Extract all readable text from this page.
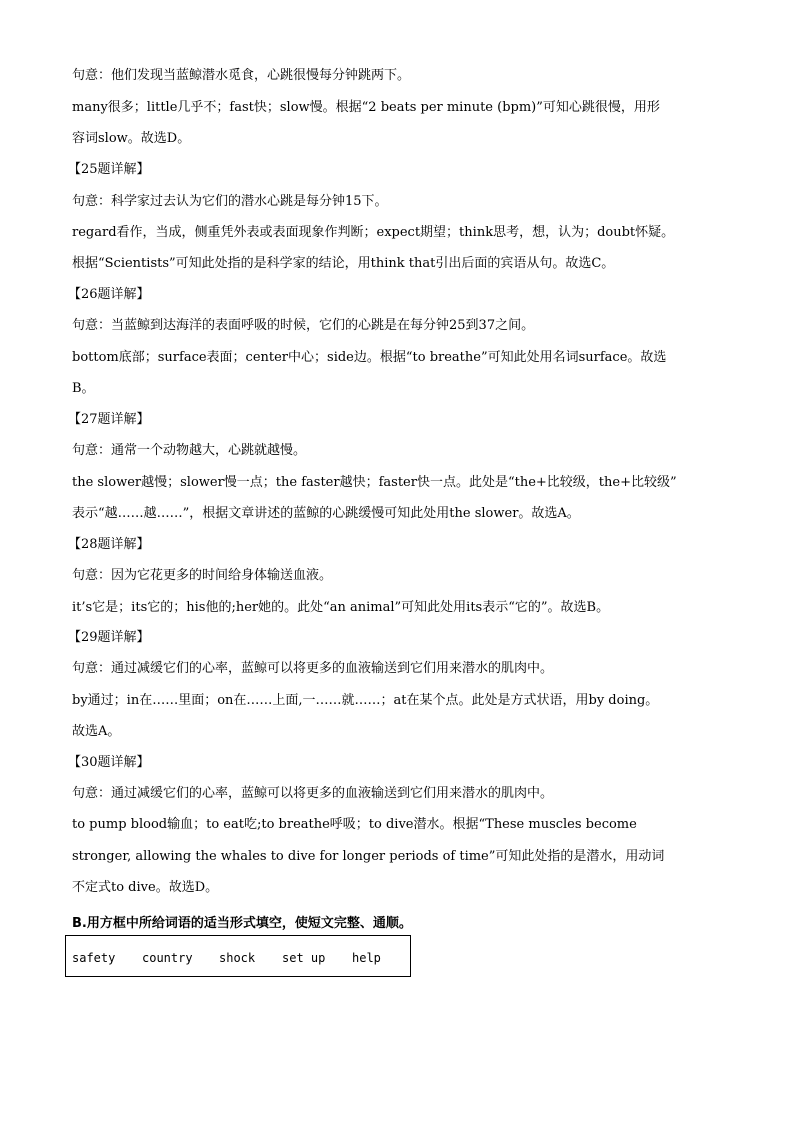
句意：他们发现当蓝鲸潜水觅食，心跳很慢每分钟跳两下。
many很多；little几乎不；fast快；slow慢。根据“2 beats per minute (bpm)”可知心跳很慢，用形
容词slow。故选D。
【25题详解】
句意：科学家过去认为它们的潜水心跳是每分钟15下。
regard看作，当成，侧重凭外表或表面现象作判断；expect期望；think思考，想，认为；doubt怀疑。
根据“Scientists”可知此处指的是科学家的结论，用think that引出后面的宾语从句。故选C。
【26题详解】
句意：当蓝鲸到达海洋的表面呼吸的时候，它们的心跳是在每分钟25到37之间。
bottom底部；surface表面；center中心；side边。根据“to breathe”可知此处用名词surface。故选
B。
【27题详解】
句意：通常一个动物越大，心跳就越慢。
the slower越慢；slower慢一点；the faster越快；faster快一点。此处是“the+比较级，the+比较级”
表示“越……越……”，根据文章讲述的蓝鲸的心跳缓慢可知此处用the slower。故选A。
【28题详解】
句意：因为它花更多的时间给身体输送血液。
it’s它是；its它的；his他的;her她的。此处“an animal”可知此处用its表示“它的”。故选B。
【29题详解】
句意：通过减缓它们的心率，蓝鲸可以将更多的血液输送到它们用来潜水的肌肉中。
by通过；in在……里面；on在……上面,一……就……；at在某个点。此处是方式状语，用by doing。
故选A。
【30题详解】
句意：通过减缓它们的心率，蓝鲸可以将更多的血液输送到它们用来潜水的肌肉中。
to pump blood输血；to eat吃;to breathe呼吸；to dive潜水。根据“These muscles become
stronger, allowing the whales to dive for longer periods of time”可知此处指的是潜水，用动词
不定式to dive。故选D。
B.用方框中所给词语的适当形式填空，使短文完整、通顺。
safety country shock set up help
